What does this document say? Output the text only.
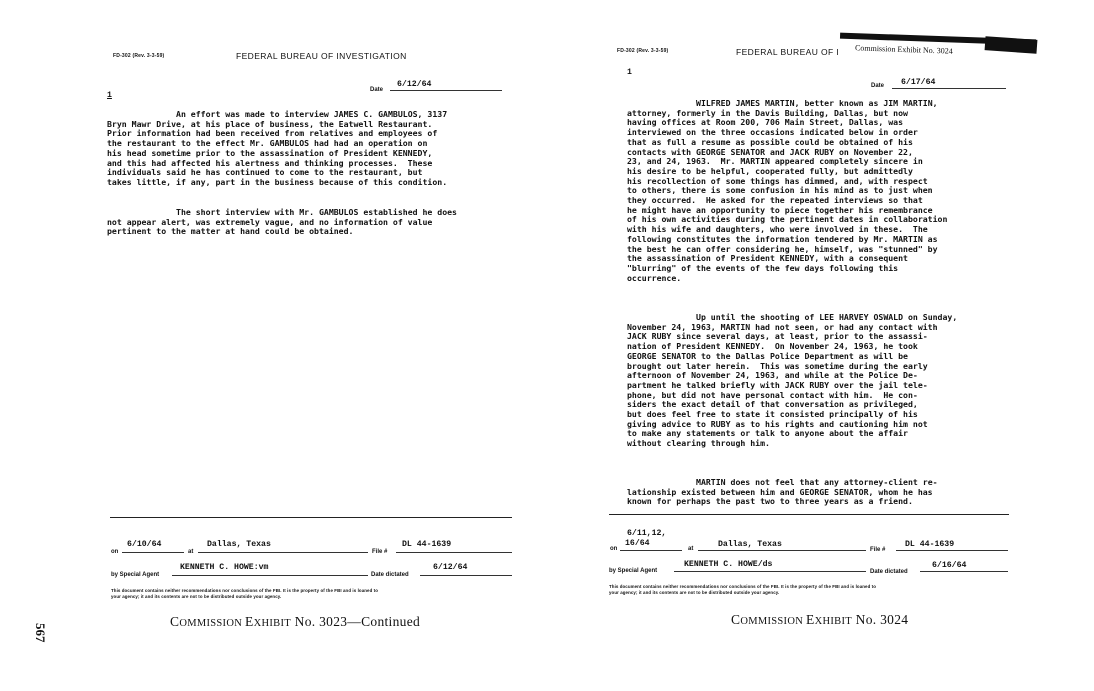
FD-302 (Rev. 3-3-59)	FEDERAL BUREAU OF INVESTIGATION
Date
6/12/64
1
An effort was made to interview JAMES C. GAMBULOS, 3137
Bryn Mawr Drive, at his place of business, the Eatwell Restaurant.
Prior information had been received from relatives and employees of
the restaurant to the effect Mr. GAMBULOS had had an operation on
his head sometime prior to the assassination of President KENNEDY,
and this had affected his alertness and thinking processes.  These
individuals said he has continued to come to the restaurant, but
takes little, if any, part in the business because of this condition.
The short interview with Mr. GAMBULOS established he does
not appear alert, was extremely vague, and no information of value
pertinent to the matter at hand could be obtained.
on
6/10/64
at
Dallas, Texas
File #
DL 44-1639
by Special Agent
KENNETH C. HOWE:vm
Date dictated
6/12/64
This document contains neither recommendations nor conclusions of the FBI. It is the property of the FBI and is loaned to
your agency; it and its contents are not to be distributed outside your agency.
COMMISSION EXHIBIT No. 3023—Continued
567
FD-302 (Rev. 3-3-59)	FEDERAL BUREAU OF I Commission Exhibit No. 3024
1
Date 6/17/64
WILFRED JAMES MARTIN, better known as JIM MARTIN,
attorney, formerly in the Davis Building, Dallas, but now
having offices at Room 200, 706 Main Street, Dallas, was
interviewed on the three occasions indicated below in order
that as full a resume as possible could be obtained of his
contacts with GEORGE SENATOR and JACK RUBY on November 22,
23, and 24, 1963.  Mr. MARTIN appeared completely sincere in
his desire to be helpful, cooperated fully, but admittedly
his recollection of some things has dimmed, and, with respect
to others, there is some confusion in his mind as to just when
they occurred.  He asked for the repeated interviews so that
he might have an opportunity to piece together his remembrance
of his own activities during the pertinent dates in collaboration
with his wife and daughters, who were involved in these.  The
following constitutes the information tendered by Mr. MARTIN as
the best he can offer considering he, himself, was "stunned" by
the assassination of President KENNEDY, with a consequent
"blurring" of the events of the few days following this
occurrence.
Up until the shooting of LEE HARVEY OSWALD on Sunday,
November 24, 1963, MARTIN had not seen, or had any contact with
JACK RUBY since several days, at least, prior to the assassi-
nation of President KENNEDY.  On November 24, 1963, he took
GEORGE SENATOR to the Dallas Police Department as will be
brought out later herein.  This was sometime during the early
afternoon of November 24, 1963, and while at the Police De-
partment he talked briefly with JACK RUBY over the jail tele-
phone, but did not have personal contact with him.  He con-
siders the exact detail of that conversation as privileged,
but does feel free to state it consisted principally of his
giving advice to RUBY as to his rights and cautioning him not
to make any statements or talk to anyone about the affair
without clearing through him.
MARTIN does not feel that any attorney-client re-
lationship existed between him and GEORGE SENATOR, whom he has
known for perhaps the past two to three years as a friend.
6/11,12,
on
16/64
at	Dallas, Texas
File #
DL 44-1639
by Special Agent
KENNETH C. HOWE/ds
Date dictated
6/16/64
This document contains neither recommendations nor conclusions of the FBI. It is the property of the FBI and is loaned to
your agency; it and its contents are not to be distributed outside your agency.
COMMISSION EXHIBIT No. 3024
